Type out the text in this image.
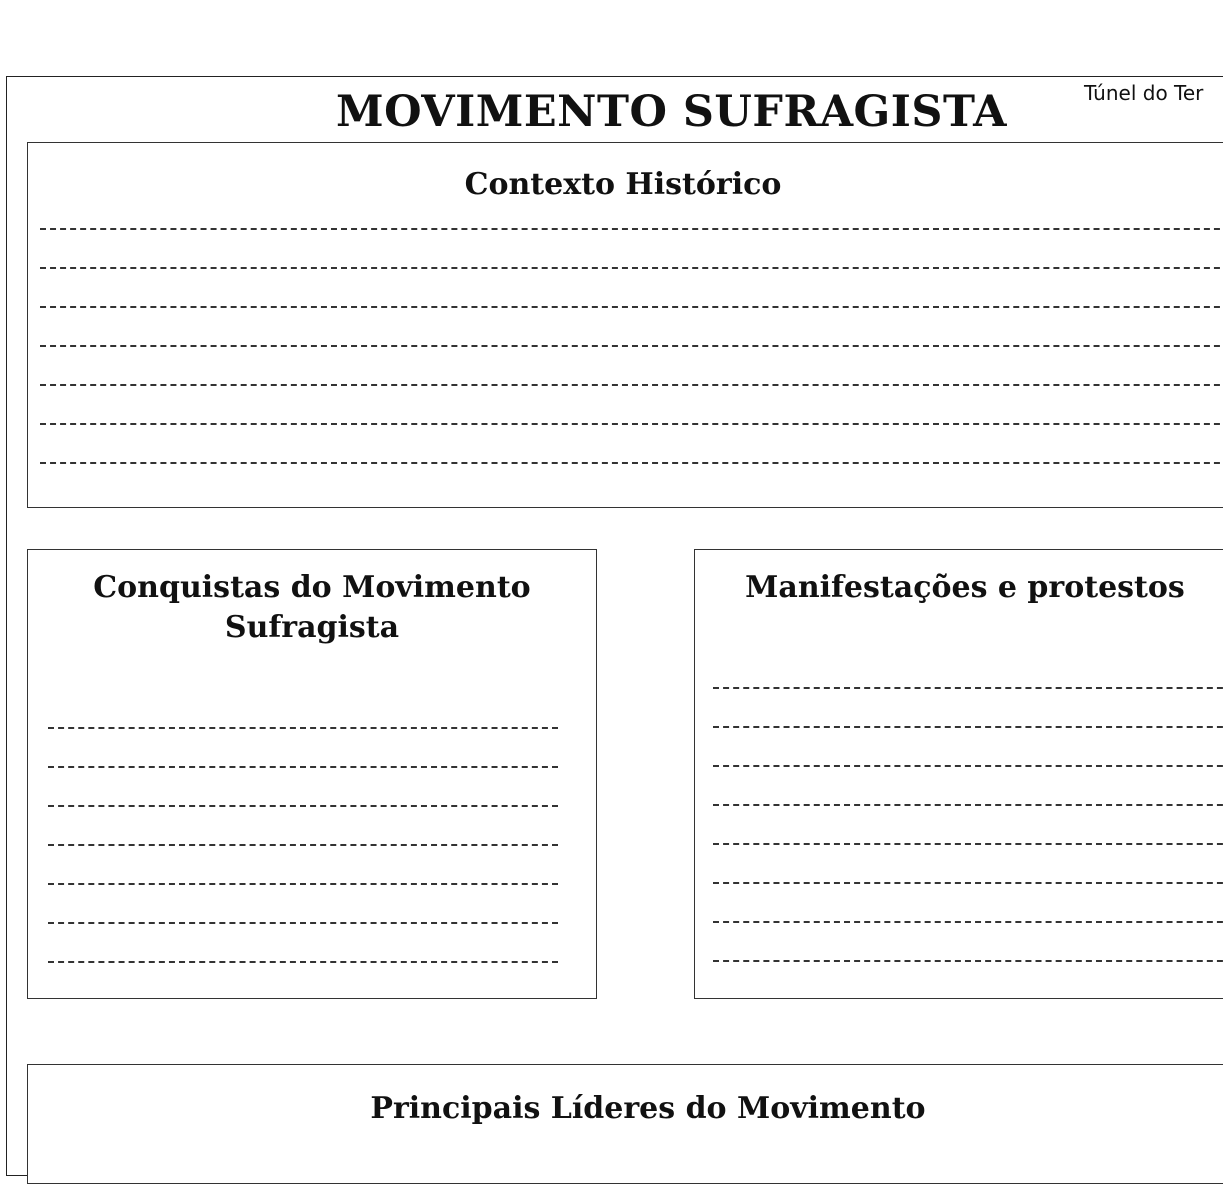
MOVIMENTO SUFRAGISTA	Túnel do Ter
Contexto Histórico
Conquistas do Movimento Sufragista
Manifestações e protestos
Principais Líderes do Movimento
